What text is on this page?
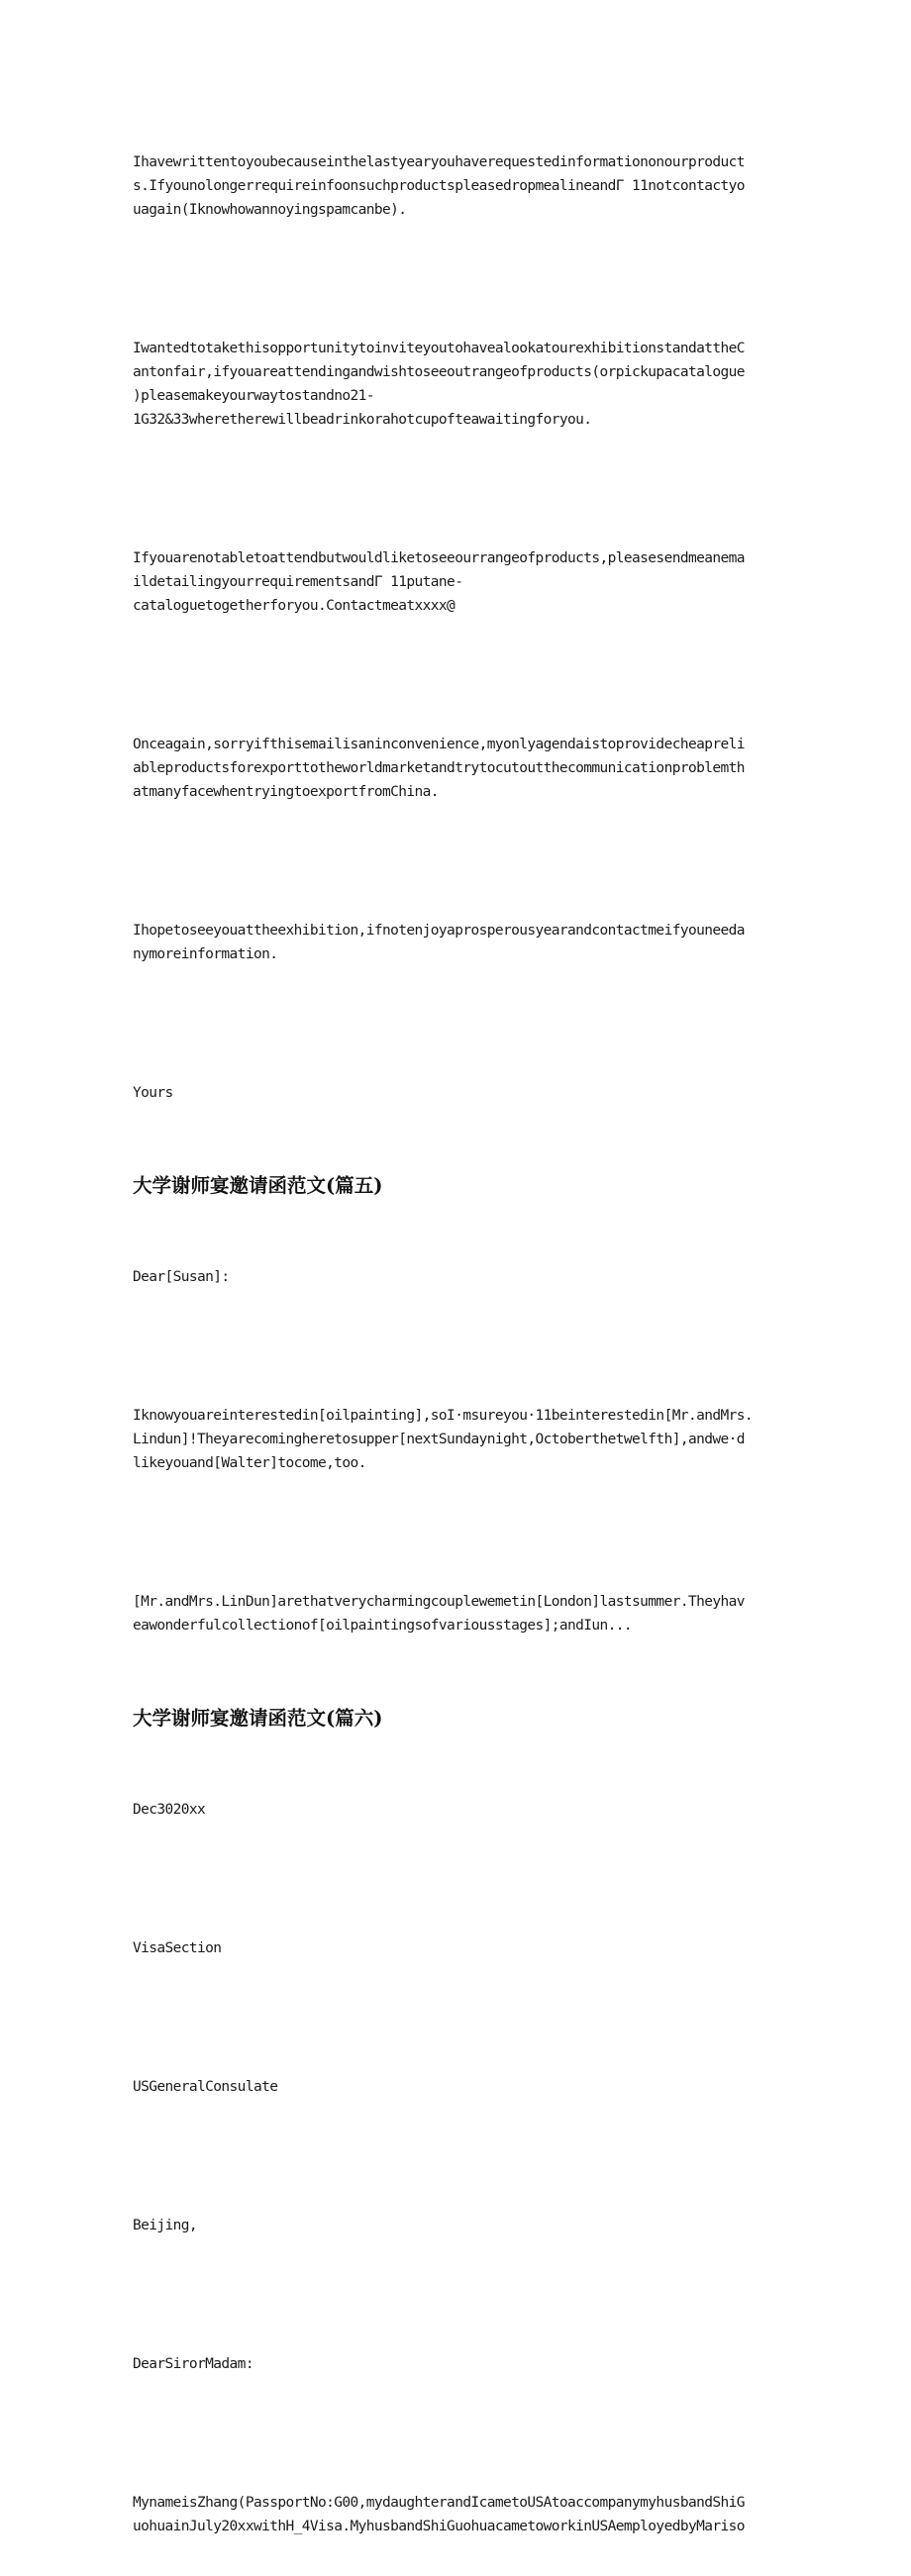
Ihavewrittentoyoubecauseinthelastyearyouhaverequestedinformationonourproduct
s.IfyounolongerrequireinfoonsuchproductspleasedropmealineandΓ 11notcontactyo
uagain(Iknowhowannoyingspamcanbe).

IwantedtotakethisopportunitytoinviteyoutohavealookatourexhibitionstandattheC
antonfair,ifyouareattendingandwishtoseeoutrangeofproducts(orpickupacatalogue
)pleasemakeyourwaytostandno21-
1G32&33wheretherewillbeadrinkorahotcupofteawaitingforyou.

Ifyouarenotabletoattendbutwouldliketoseeourrangeofproducts,pleasesendmeanema
ildetailingyourrequirementsandΓ 11putane-
cataloguetogetherforyou.Contactmeatxxxx@

Onceagain,sorryifthisemailisaninconvenience,myonlyagendaistoprovidecheapreli
ableproductsforexporttotheworldmarketandtrytocutoutthecommunicationproblemth
atmanyfacewhentryingtoexportfromChina.

Ihopetoseeyouattheexhibition,ifnotenjoyaprosperousyearandcontactmeifyouneeda
nymoreinformation.

Yours

大学谢师宴邀请函范文(篇五)

Dear[Susan]:

Iknowyouareinterestedin[oilpainting],soI·msureyou·11beinterestedin[Mr.andMrs.
Lindun]!Theyarecomingheretosupper[nextSundaynight,Octoberthetwelfth],andwe·d
likeyouand[Walter]tocome,too.

[Mr.andMrs.LinDun]arethatverycharmingcouplewemetin[London]lastsummer.Theyhav
eawonderfulcollectionof[oilpaintingsofvariousstages];andIun...

大学谢师宴邀请函范文(篇六)

Dec3020xx

VisaSection

USGeneralConsulate

Beijing,

DearSirorMadam:

MynameisZhang(PassportNo:G00,mydaughterandIcametoUSAtoaccompanymyhusbandShiG
uohuainJuly20xxwithH_4Visa.MyhusbandShiGuohuacametoworkinUSAemployedbyMariso
